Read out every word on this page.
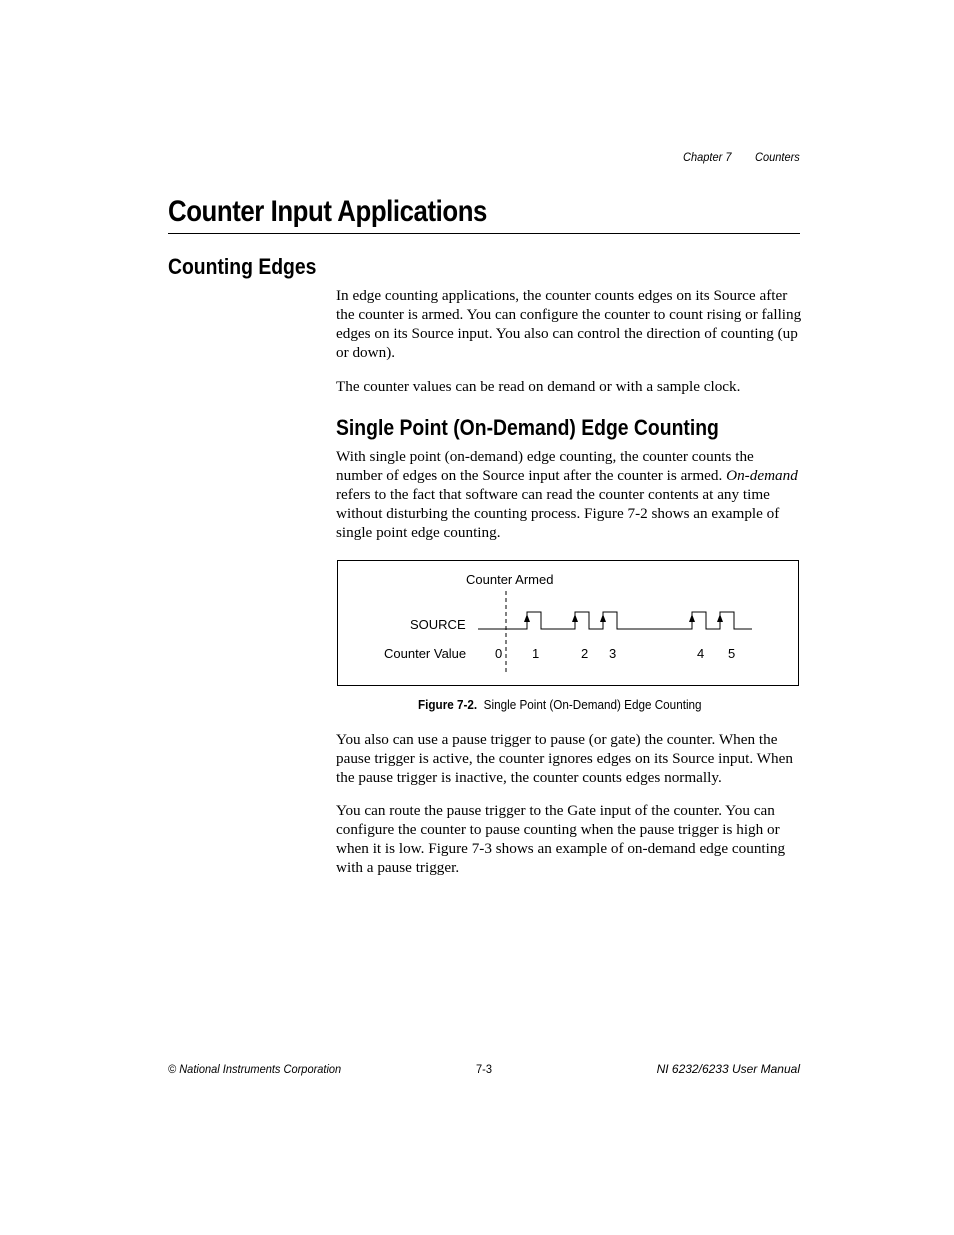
Chapter 7 Counters
Counter Input Applications
Counting Edges

In edge counting applications, the counter counts edges on its Source after the counter is armed. You can configure the counter to count rising or falling edges on its Source input. You also can control the direction of counting (up or down).

The counter values can be read on demand or with a sample clock.

Single Point (On-Demand) Edge Counting

With single point (on-demand) edge counting, the counter counts the number of edges on the Source input after the counter is armed. On-demand refers to the fact that software can read the counter contents at any time without disturbing the counting process. Figure 7-2 shows an example of single point edge counting.

Counter Armed
SOURCE
Counter Value 0 1	2 3	4 5
Figure 7-2. Single Point (On-Demand) Edge Counting

You also can use a pause trigger to pause (or gate) the counter. When the pause trigger is active, the counter ignores edges on its Source input. When the pause trigger is inactive, the counter counts edges normally.

You can route the pause trigger to the Gate input of the counter. You can configure the counter to pause counting when the pause trigger is high or when it is low. Figure 7-3 shows an example of on-demand edge counting with a pause trigger.

© National Instruments Corporation	7-3	NI 6232/6233 User Manual
